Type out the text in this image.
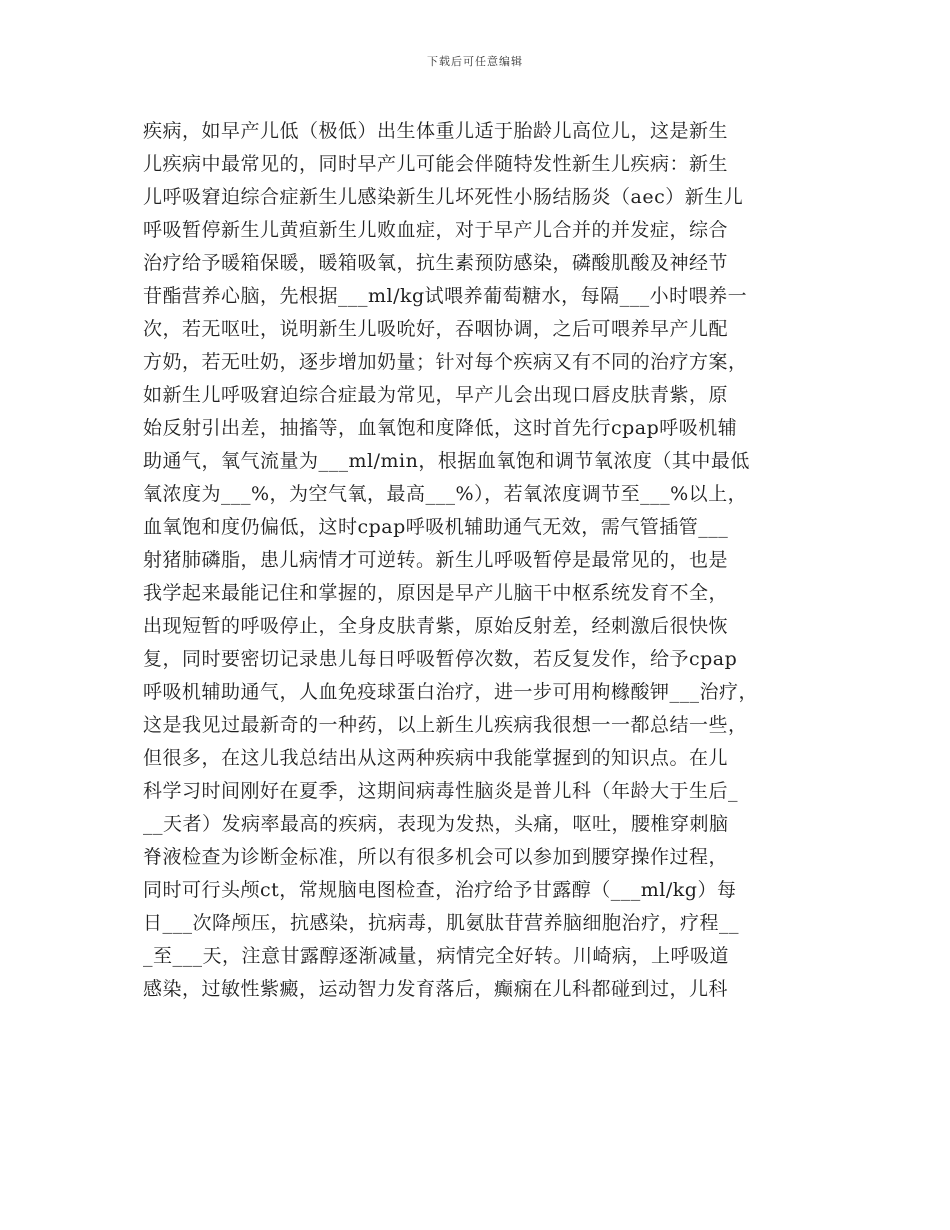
下载后可任意编辑
疾病，如早产儿低（极低）出生体重儿适于胎龄儿高位儿，这是新生
儿疾病中最常见的，同时早产儿可能会伴随特发性新生儿疾病：新生
儿呼吸窘迫综合症新生儿感染新生儿坏死性小肠结肠炎（aec）新生儿
呼吸暂停新生儿黄疸新生儿败血症，对于早产儿合并的并发症，综合
治疗给予暖箱保暖，暖箱吸氧，抗生素预防感染，磷酸肌酸及神经节
苷酯营养心脑，先根据___ml/kg试喂养葡萄糖水，每隔___小时喂养一
次，若无呕吐，说明新生儿吸吮好，吞咽协调，之后可喂养早产儿配
方奶，若无吐奶，逐步增加奶量；针对每个疾病又有不同的治疗方案，
如新生儿呼吸窘迫综合症最为常见，早产儿会出现口唇皮肤青紫，原
始反射引出差，抽搐等，血氧饱和度降低，这时首先行cpap呼吸机辅
助通气，氧气流量为___ml/min，根据血氧饱和调节氧浓度（其中最低
氧浓度为___%，为空气氧，最高___%），若氧浓度调节至___%以上，
血氧饱和度仍偏低，这时cpap呼吸机辅助通气无效，需气管插管___
射猪肺磷脂，患儿病情才可逆转。新生儿呼吸暂停是最常见的，也是
我学起来最能记住和掌握的，原因是早产儿脑干中枢系统发育不全，
出现短暂的呼吸停止，全身皮肤青紫，原始反射差，经刺激后很快恢
复，同时要密切记录患儿每日呼吸暂停次数，若反复发作，给予cpap
呼吸机辅助通气，人血免疫球蛋白治疗，进一步可用枸橼酸钾___治疗，
这是我见过最新奇的一种药，以上新生儿疾病我很想一一都总结一些，
但很多，在这儿我总结出从这两种疾病中我能掌握到的知识点。在儿
科学习时间刚好在夏季，这期间病毒性脑炎是普儿科（年龄大于生后_
__天者）发病率最高的疾病，表现为发热，头痛，呕吐，腰椎穿刺脑
脊液检查为诊断金标准，所以有很多机会可以参加到腰穿操作过程，
同时可行头颅ct，常规脑电图检查，治疗给予甘露醇（___ml/kg）每
日___次降颅压，抗感染，抗病毒，肌氨肽苷营养脑细胞治疗，疗程__
_至___天，注意甘露醇逐渐减量，病情完全好转。川崎病，上呼吸道
感染，过敏性紫癜，运动智力发育落后，癫痫在儿科都碰到过，儿科
